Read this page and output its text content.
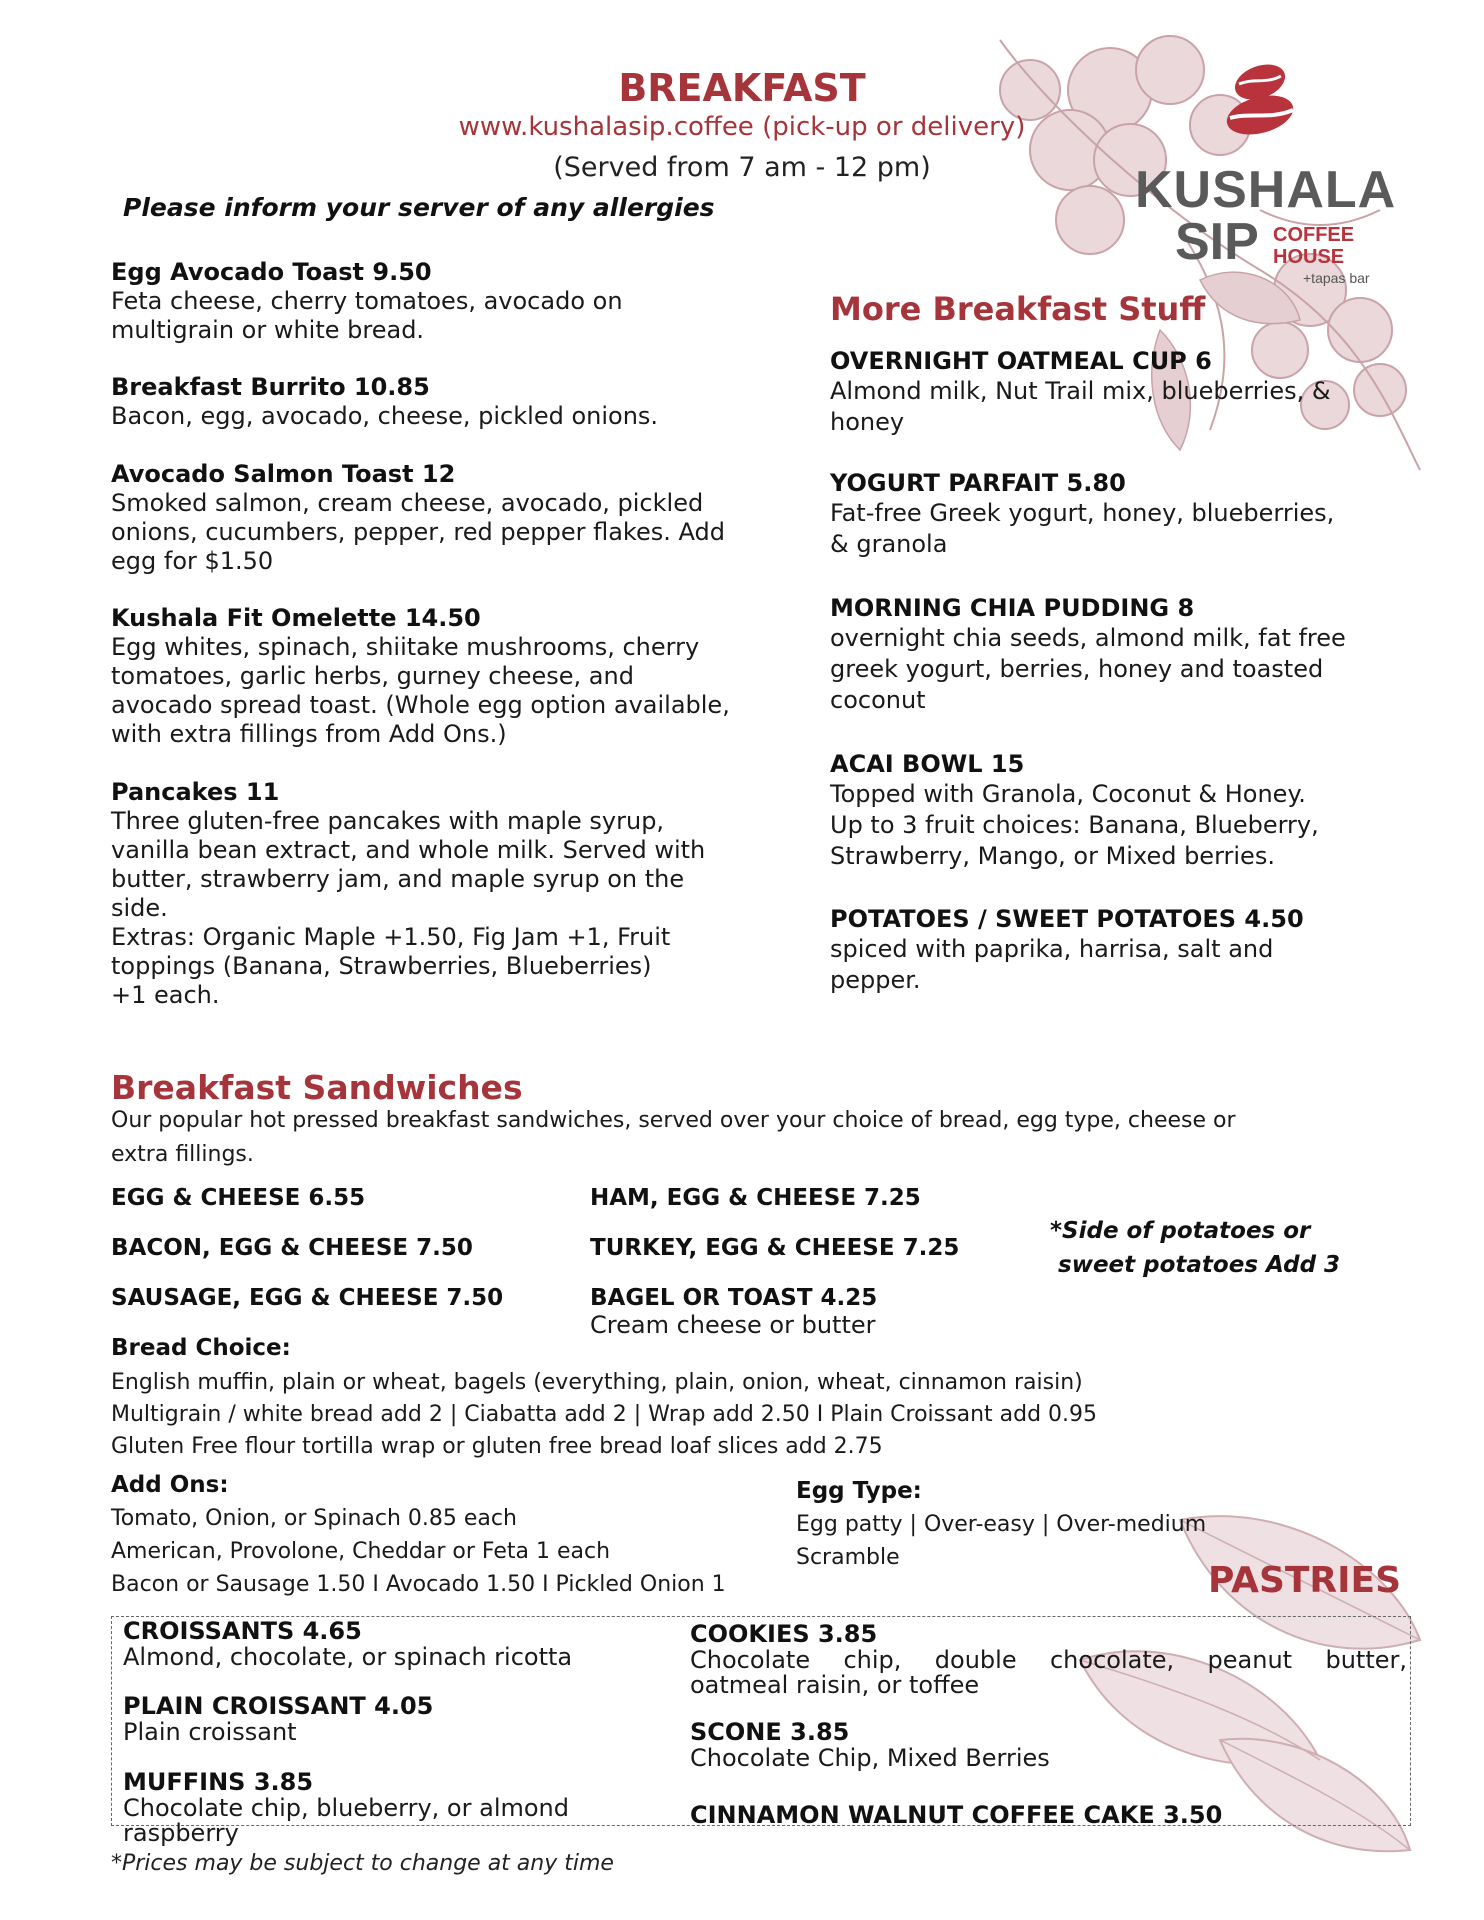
BREAKFAST
www.kushalasip.coffee (pick-up or delivery)
(Served from 7 am - 12 pm)
Please inform your server of any allergies	KUSHALA
SIP COFFEE
HOUSE
+tapas bar
Egg Avocado Toast 9.50
Feta cheese, cherry tomatoes, avocado on
multigrain or white bread.
Breakfast Burrito 10.85
Bacon, egg, avocado, cheese, pickled onions.
Avocado Salmon Toast 12
Smoked salmon, cream cheese, avocado, pickled
onions, cucumbers, pepper, red pepper flakes. Add
egg for $1.50
Kushala Fit Omelette 14.50
Egg whites, spinach, shiitake mushrooms, cherry
tomatoes, garlic herbs, gurney cheese, and
avocado spread toast. (Whole egg option available,
with extra fillings from Add Ons.)
Pancakes 11
Three gluten-free pancakes with maple syrup,
vanilla bean extract, and whole milk. Served with
butter, strawberry jam, and maple syrup on the
side.
Extras: Organic Maple +1.50, Fig Jam +1, Fruit
toppings (Banana, Strawberries, Blueberries)
+1 each.
More Breakfast Stuff
OVERNIGHT OATMEAL CUP 6
Almond milk, Nut Trail mix, blueberries, &
honey
YOGURT PARFAIT 5.80
Fat-free Greek yogurt, honey, blueberries,
& granola
MORNING CHIA PUDDING 8
overnight chia seeds, almond milk, fat free
greek yogurt, berries, honey and toasted
coconut
ACAI BOWL 15
Topped with Granola, Coconut & Honey.
Up to 3 fruit choices: Banana, Blueberry,
Strawberry, Mango, or Mixed berries.
POTATOES / SWEET POTATOES 4.50
spiced with paprika, harrisa, salt and
pepper.
Breakfast Sandwiches
Our popular hot pressed breakfast sandwiches, served over your choice of bread, egg type, cheese or
extra fillings.
EGG & CHEESE 6.55
BACON, EGG & CHEESE 7.50
SAUSAGE, EGG & CHEESE 7.50
HAM, EGG & CHEESE 7.25
TURKEY, EGG & CHEESE 7.25
BAGEL OR TOAST 4.25
Cream cheese or butter
*Side of potatoes or
sweet potatoes Add 3
Bread Choice:
English muffin, plain or wheat, bagels (everything, plain, onion, wheat, cinnamon raisin)
Multigrain / white bread add 2 | Ciabatta add 2 | Wrap add 2.50 I Plain Croissant add 0.95
Gluten Free flour tortilla wrap or gluten free bread loaf slices add 2.75
Add Ons:
Tomato, Onion, or Spinach 0.85 each
American, Provolone, Cheddar or Feta 1 each
Bacon or Sausage 1.50 I Avocado 1.50 I Pickled Onion 1
Egg Type:
Egg patty | Over-easy | Over-medium
Scramble
PASTRIES
CROISSANTS 4.65
Almond, chocolate, or spinach ricotta
PLAIN CROISSANT 4.05
Plain croissant
MUFFINS 3.85
Chocolate chip, blueberry, or almond
raspberry
COOKIES 3.85
Chocolate chip, double chocolate, peanut butter,
oatmeal raisin, or toffee
SCONE 3.85
Chocolate Chip, Mixed Berries
CINNAMON WALNUT COFFEE CAKE 3.50
*Prices may be subject to change at any time
